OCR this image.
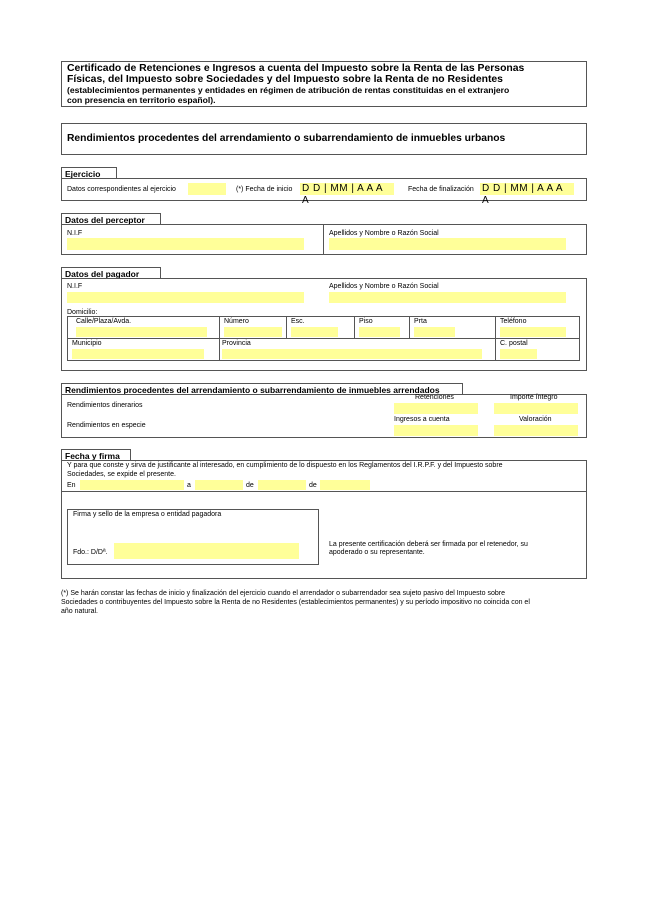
Certificado de Retenciones e Ingresos a cuenta del Impuesto sobre la Renta de las Personas
Físicas, del Impuesto sobre Sociedades y del Impuesto sobre la Renta de no Residentes
(establecimientos permanentes y entidades en régimen de atribución de rentas constituidas en el extranjero
con presencia en territorio español).
Rendimientos procedentes del arrendamiento o subarrendamiento de inmuebles urbanos
Ejercicio
Datos correspondientes al ejercicio	(*) Fecha de inicio D D | MM | A A A A
Fecha de finalización D D | MM | A A A A
Datos del perceptor
N.I.F	Apellidos y Nombre o Razón Social
Datos del pagador
N.I.F	Apellidos y Nombre o Razón Social
Domicilio:
Calle/Plaza/Avda.	Número	Esc.	Piso	Prta	Teléfono
Municipio	Provincia	C. postal
Rendimientos procedentes del arrendamiento o subarrendamiento de inmuebles arrendados
Retenciones	Importe íntegro
Rendimientos dinerarios
Ingresos a cuenta	Valoración
Rendimientos en especie
Fecha y firma
Y para que conste y sirva de justificante al interesado, en cumplimiento de lo dispuesto en los Reglamentos del I.R.P.F. y del Impuesto sobre
Sociedades, se expide el presente.
En	a	de	de
Firma y sello de la empresa o entidad pagadora
Fdo.: D/Dª.
La presente certificación deberá ser firmada por el retenedor, su
apoderado o su representante.
(*) Se harán constar las fechas de inicio y finalización del ejercicio cuando el arrendador o subarrendador sea sujeto pasivo del Impuesto sobre
Sociedades o contribuyentes del Impuesto sobre la Renta de no Residentes (establecimientos permanentes) y su período impositivo no coincida con el
año natural.
